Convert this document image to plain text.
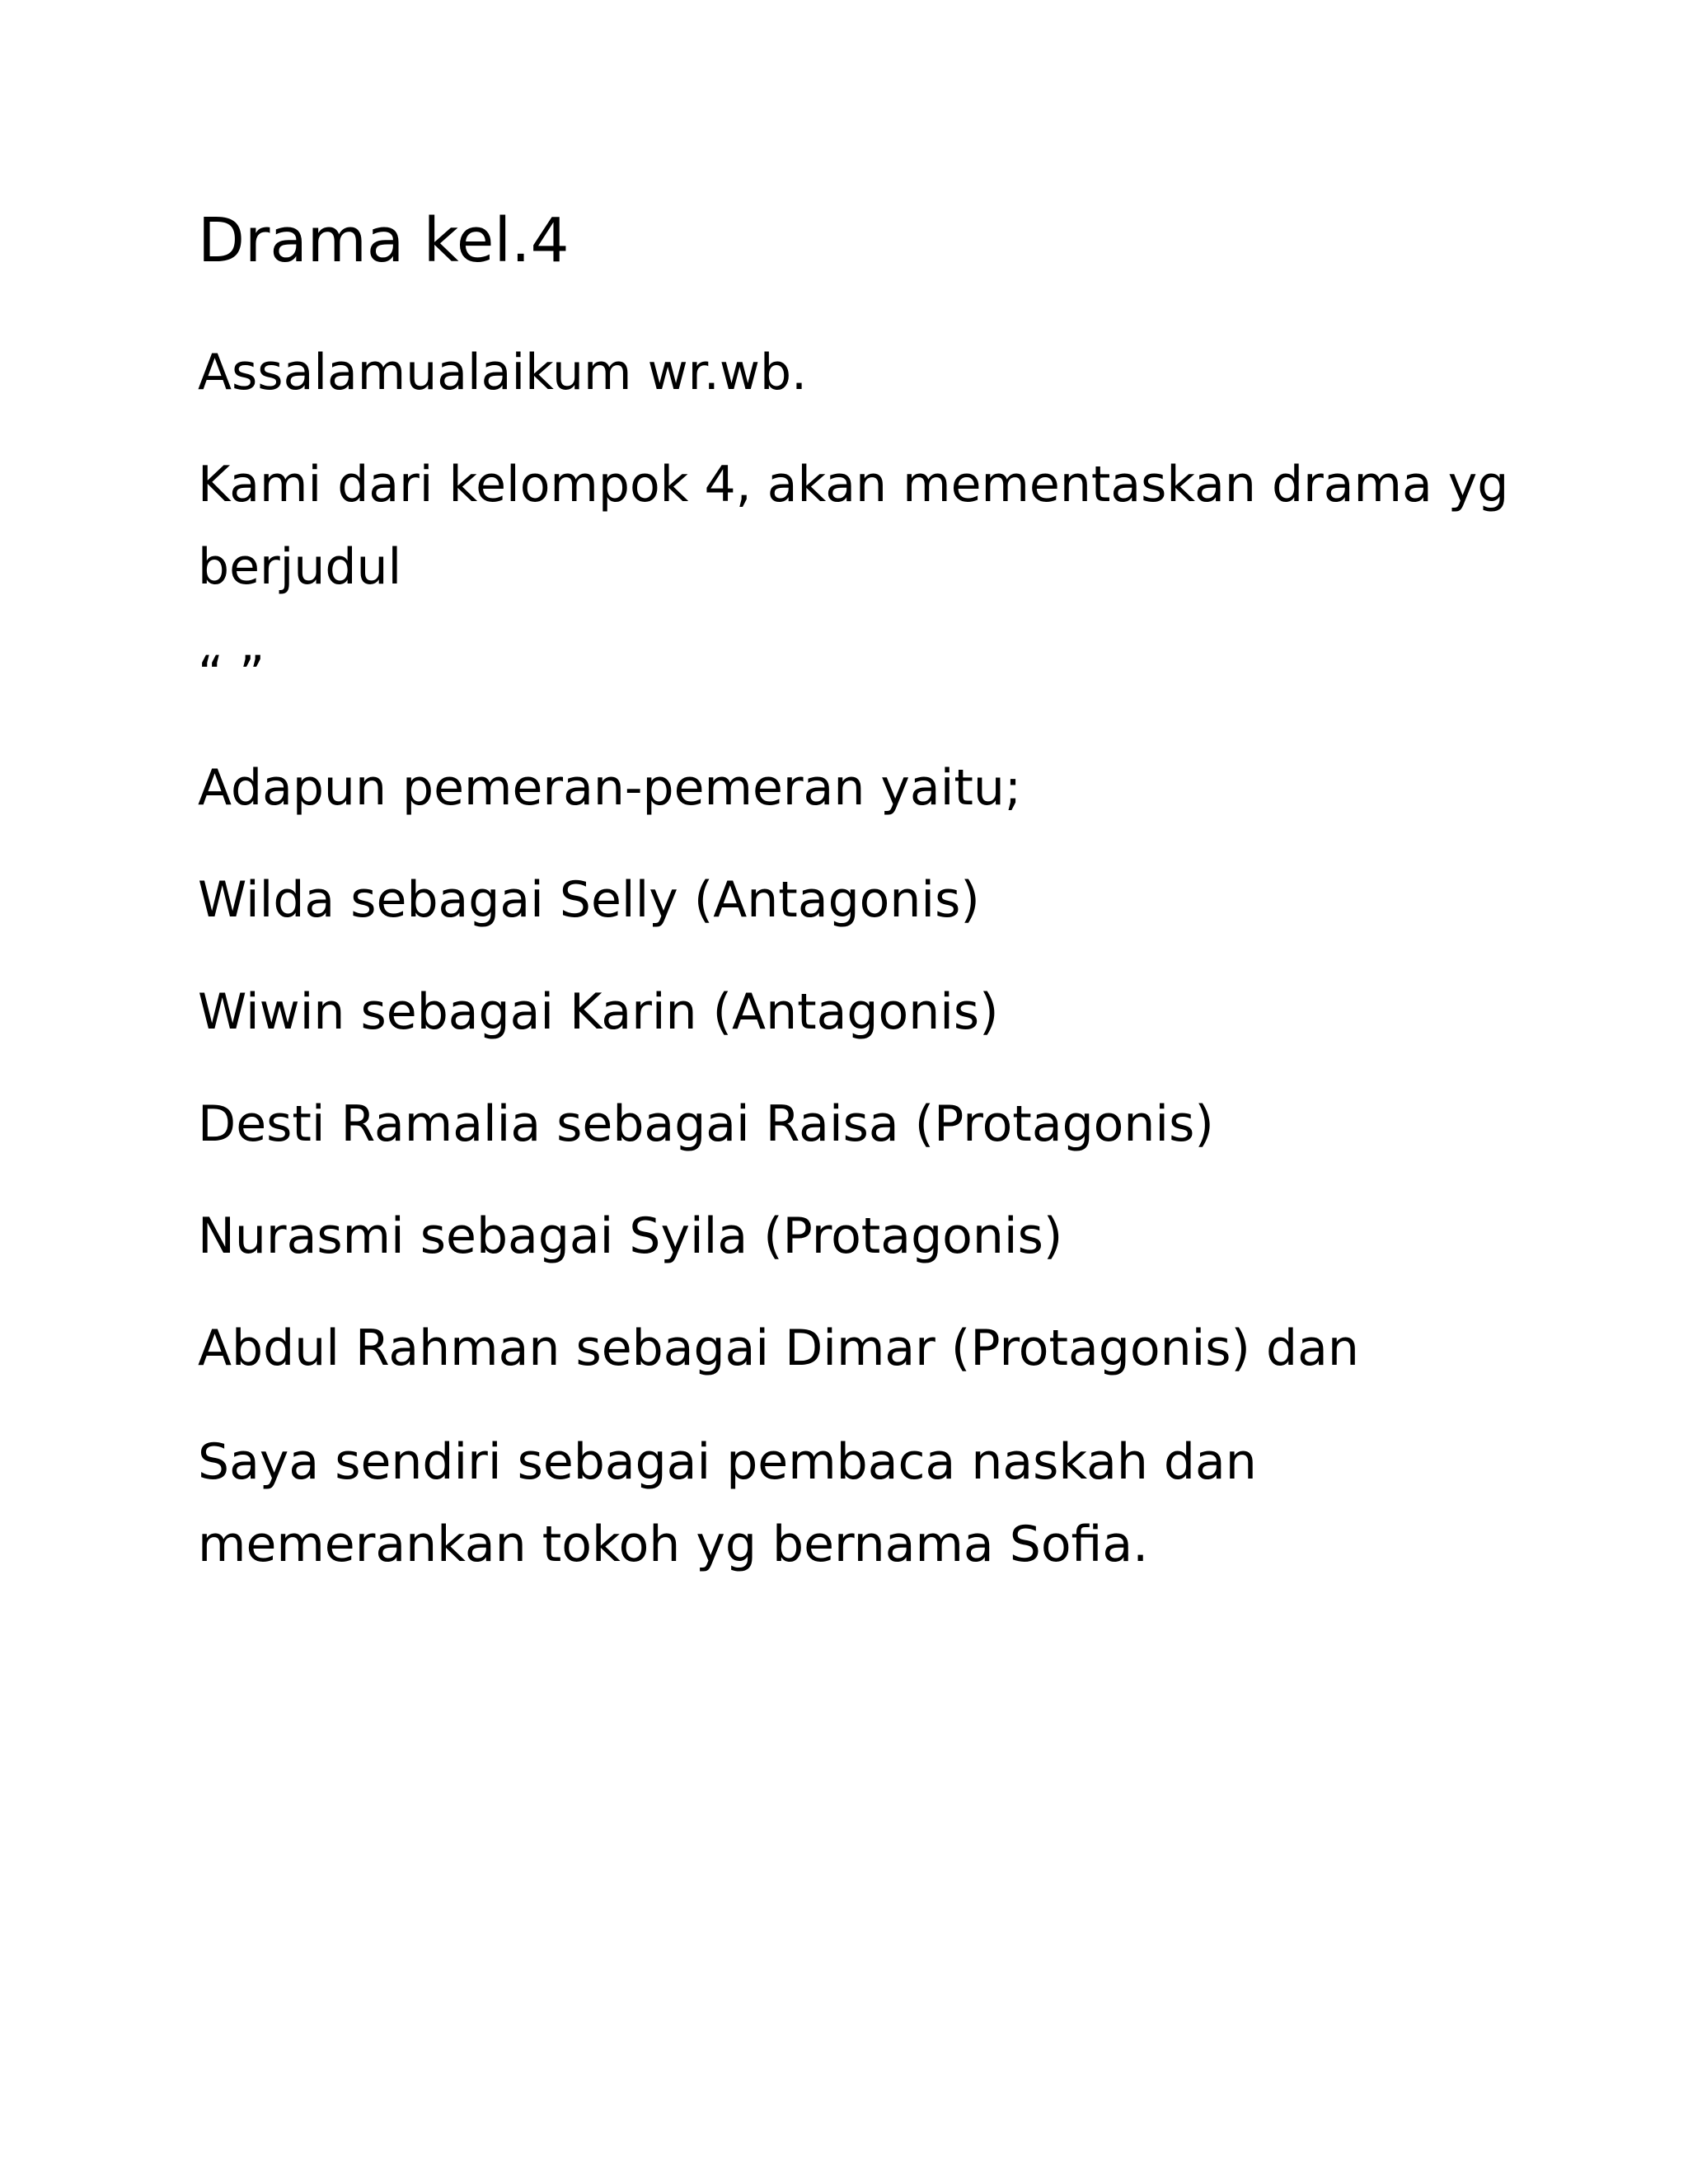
Drama kel.4

Assalamualaikum wr.wb.

Kami dari kelompok 4, akan mementaskan drama yg

berjudul

“ ”

Adapun pemeran-pemeran yaitu;

Wilda sebagai Selly (Antagonis)

Wiwin sebagai Karin (Antagonis)

Desti Ramalia sebagai Raisa (Protagonis)

Nurasmi sebagai Syila (Protagonis)

Abdul Rahman sebagai Dimar (Protagonis) dan

Saya sendiri sebagai pembaca naskah dan

memerankan tokoh yg bernama Sofia.
